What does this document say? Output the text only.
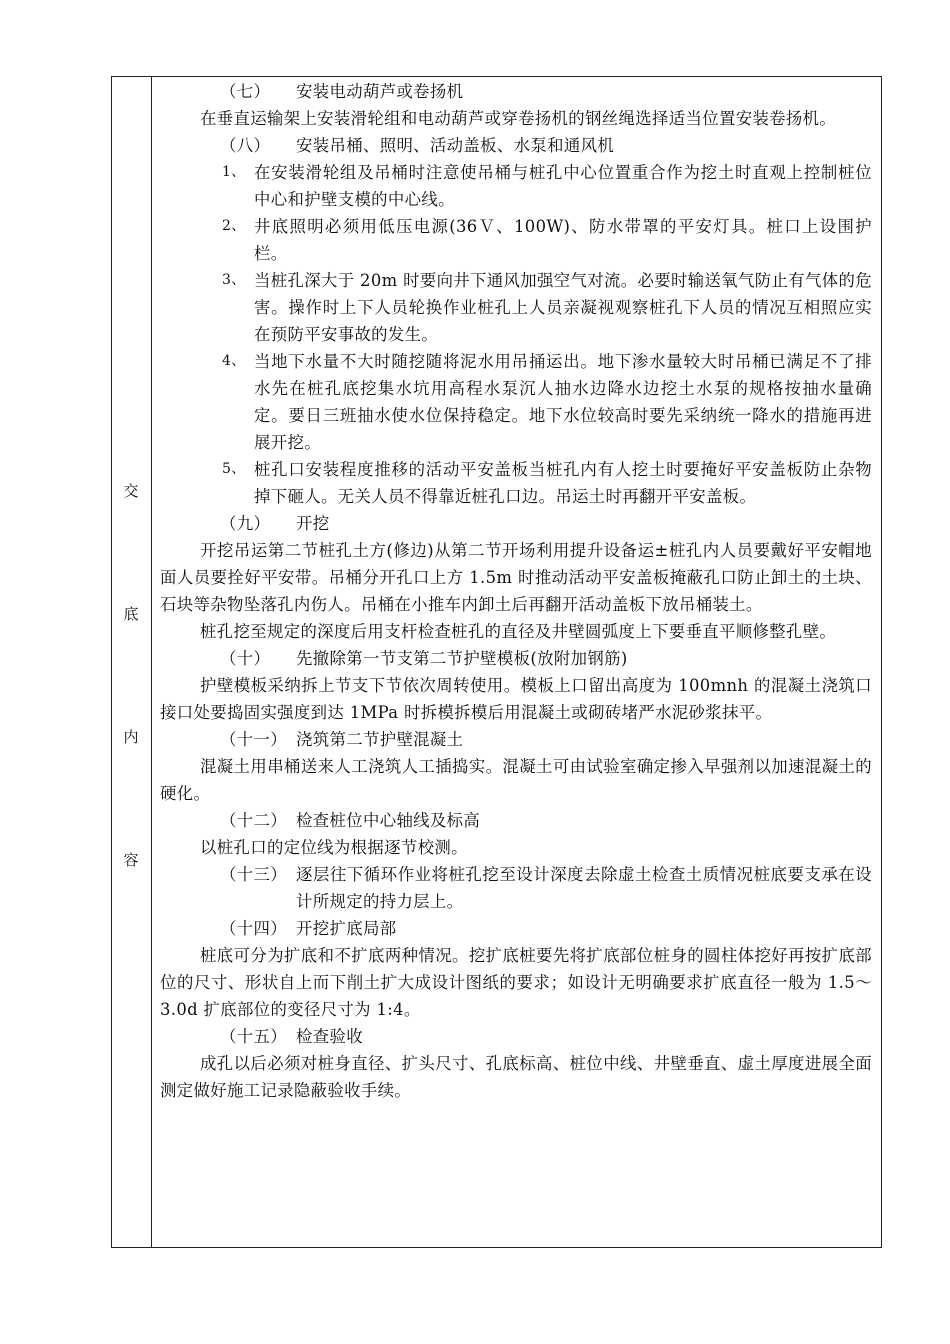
交
底
内
容
（七） 安装电动葫芦或卷扬机

在垂直运输架上安装滑轮组和电动葫芦或穿卷扬机的钢丝绳选择适当位置安装卷扬机。

（八） 安装吊桶、照明、活动盖板、水泵和通风机
1、 在安装滑轮组及吊桶时注意使吊桶与桩孔中心位置重合作为挖土时直观上控制桩位中心和护壁支模的中心线。
2、 井底照明必须用低压电源(36Ｖ、100W)、防水带罩的平安灯具。桩口上设围护栏。
3、 当桩孔深大于 20m 时要向井下通风加强空气对流。必要时输送氧气防止有气体的危害。操作时上下人员轮换作业桩孔上人员亲凝视观察桩孔下人员的情况互相照应实在预防平安事故的发生。
4、 当地下水量不大时随挖随将泥水用吊捅运出。地下渗水量较大时吊桶已满足不了排水先在桩孔底挖集水坑用高程水泵沉人抽水边降水边挖土水泵的规格按抽水量确定。要日三班抽水使水位保持稳定。地下水位较高时要先采纳统一降水的措施再进展开挖。
5、 桩孔口安装程度推移的活动平安盖板当桩孔内有人挖土时要掩好平安盖板防止杂物掉下砸人。无关人员不得靠近桩孔口边。吊运土时再翻开平安盖板。
（九） 开挖

开挖吊运第二节桩孔土方(修边)从第二节开场利用提升设备运±桩孔内人员要戴好平安帽地面人员要拴好平安带。吊桶分开孔口上方 1.5m 时推动活动平安盖板掩蔽孔口防止卸土的土块、石块等杂物坠落孔内伤人。吊桶在小推车内卸土后再翻开活动盖板下放吊桶装土。

桩孔挖至规定的深度后用支杆检查桩孔的直径及井壁圆弧度上下要垂直平顺修整孔壁。

（十） 先撤除第一节支第二节护壁模板(放附加钢筋)

护壁模板采纳拆上节支下节依次周转使用。模板上口留出高度为 100mnh 的混凝土浇筑口接口处要捣固实强度到达 1MPa 时拆模拆模后用混凝土或砌砖堵严水泥砂浆抹平。

（十一） 浇筑第二节护壁混凝土

混凝土用串桶送来人工浇筑人工插捣实。混凝土可由试验室确定掺入早强剂以加速混凝土的硬化。

（十二） 检查桩位中心轴线及标高

以桩孔口的定位线为根据逐节校测。

（十三） 逐层往下循环作业将桩孔挖至设计深度去除虚土检查土质情况桩底要支承在设计所规定的持力层上。
（十四） 开挖扩底局部

桩底可分为扩底和不扩底两种情况。挖扩底桩要先将扩底部位桩身的圆柱体挖好再按扩底部位的尺寸、形状自上而下削土扩大成设计图纸的要求；如设计无明确要求扩底直径一般为 1.5～3.0d 扩底部位的变径尺寸为 1:4。

（十五） 检查验收

成孔以后必须对桩身直径、扩头尺寸、孔底标高、桩位中线、井壁垂直、虚土厚度进展全面测定做好施工记录隐蔽验收手续。
